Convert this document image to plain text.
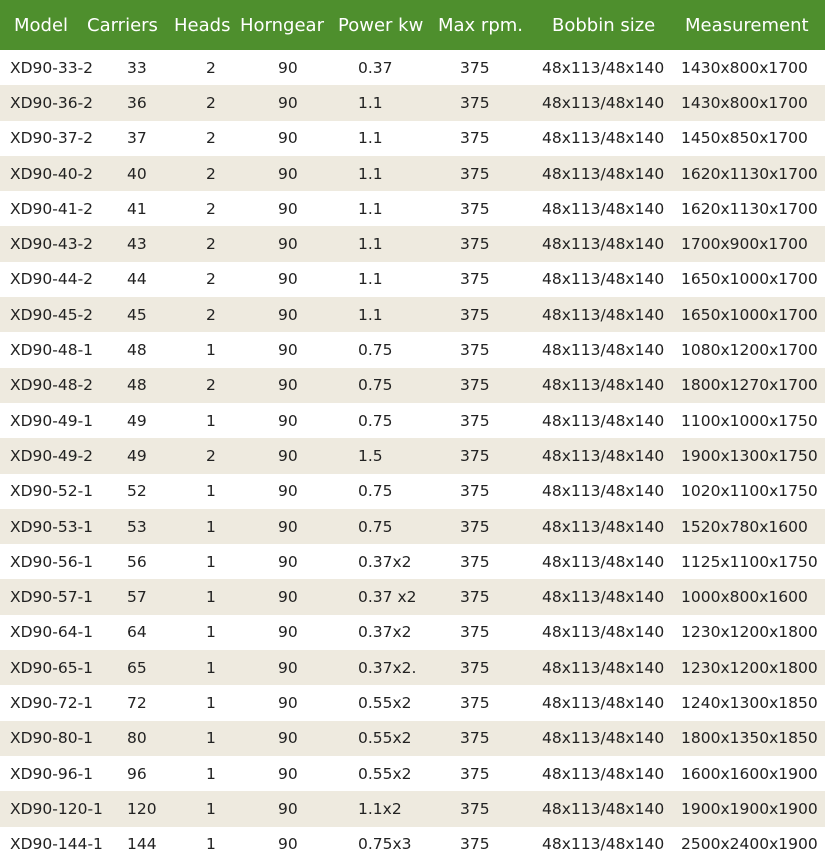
Model	Carriers	Heads	Horngear	Power kw	Max rpm.	Bobbin size	Measurement
XD90-33-2	33	2	90	0.37	375	48x113/48x140	1430x800x1700
XD90-36-2	36	2	90	1.1	375	48x113/48x140	1430x800x1700
XD90-37-2	37	2	90	1.1	375	48x113/48x140	1450x850x1700
XD90-40-2	40	2	90	1.1	375	48x113/48x140	1620x1130x1700
XD90-41-2	41	2	90	1.1	375	48x113/48x140	1620x1130x1700
XD90-43-2	43	2	90	1.1	375	48x113/48x140	1700x900x1700
XD90-44-2	44	2	90	1.1	375	48x113/48x140	1650x1000x1700
XD90-45-2	45	2	90	1.1	375	48x113/48x140	1650x1000x1700
XD90-48-1	48	1	90	0.75	375	48x113/48x140	1080x1200x1700
XD90-48-2	48	2	90	0.75	375	48x113/48x140	1800x1270x1700
XD90-49-1	49	1	90	0.75	375	48x113/48x140	1100x1000x1750
XD90-49-2	49	2	90	1.5	375	48x113/48x140	1900x1300x1750
XD90-52-1	52	1	90	0.75	375	48x113/48x140	1020x1100x1750
XD90-53-1	53	1	90	0.75	375	48x113/48x140	1520x780x1600
XD90-56-1	56	1	90	0.37x2	375	48x113/48x140	1125x1100x1750
XD90-57-1	57	1	90	0.37 x2	375	48x113/48x140	1000x800x1600
XD90-64-1	64	1	90	0.37x2	375	48x113/48x140	1230x1200x1800
XD90-65-1	65	1	90	0.37x2.	375	48x113/48x140	1230x1200x1800
XD90-72-1	72	1	90	0.55x2	375	48x113/48x140	1240x1300x1850
XD90-80-1	80	1	90	0.55x2	375	48x113/48x140	1800x1350x1850
XD90-96-1	96	1	90	0.55x2	375	48x113/48x140	1600x1600x1900
XD90-120-1	120	1	90	1.1x2	375	48x113/48x140	1900x1900x1900
XD90-144-1	144	1	90	0.75x3	375	48x113/48x140	2500x2400x1900
